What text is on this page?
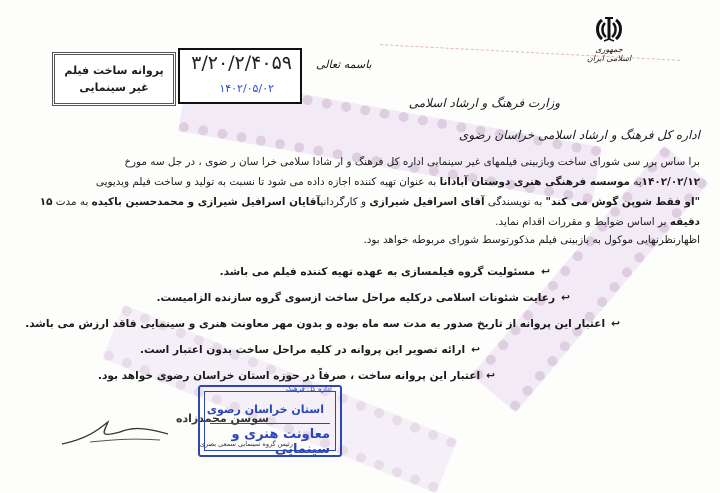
جمهوری اسلامی ایران
باسمه تعالی
۳/۲۰/۲/۴۰۵۹
۱۴۰۲/۰۵/۰۲
پروانه ساخت فیلم
غیر سینمایی
وزارت فرهنگ و ارشاد اسلامی
اداره کل فرهنگ و ارشاد اسلامی خراسان رضوی
برا ساس برر سی شورای ساخت وبازبینی فیلمهای غیر سینمایی اداره کل فرهنگ و ار شادا سلامی خرا سان ر ضوی ، در جل سه مورخ
۱۴۰۲/۰۲/۱۲به موسسه فرهنگی هنری دوستان آبادانا به عنوان تهیه کننده اجازه داده می شود تا نسبت به تولید و ساخت فیلم ویدیویی
"او فقط شوپن گوش می کند" به نویسندگی آقای اسرافیل شیرازی و کارگردانیآقایان اسرافیل شیرازی و محمدحسین باکیده به مدت ۱۵
دقیقه بر اساس ضوابط و مقررات اقدام نماید.
اظهارنظرنهایی موکول به بازبینی فیلم مذکورتوسط شورای مربوطه خواهد بود.
↩مسئولیت گروه فیلمسازی به عهده تهیه کننده فیلم می باشد.
↩رعایت شئونات اسلامی درکلیه مراحل ساخت ازسوی گروه سازنده الزامیست.
↩اعتبار این پروانه از تاریخ صدور به مدت سه ماه بوده و بدون مهر معاونت هنری و سینمایی فاقد ارزش می باشد.
↩ارائه تصویر این پروانه در کلیه مراحل ساخت بدون اعتبار است.
↩اعتبار این پروانه ساخت ، صرفاً در حوزه استان خراسان رضوی خواهد بود.
سوسن محمدزاده
رئیس گروه سینمایی سمعی بصری
اداره کل فرهنگ
استان خراسان رضوی
معاونت هنری و سینمایی
